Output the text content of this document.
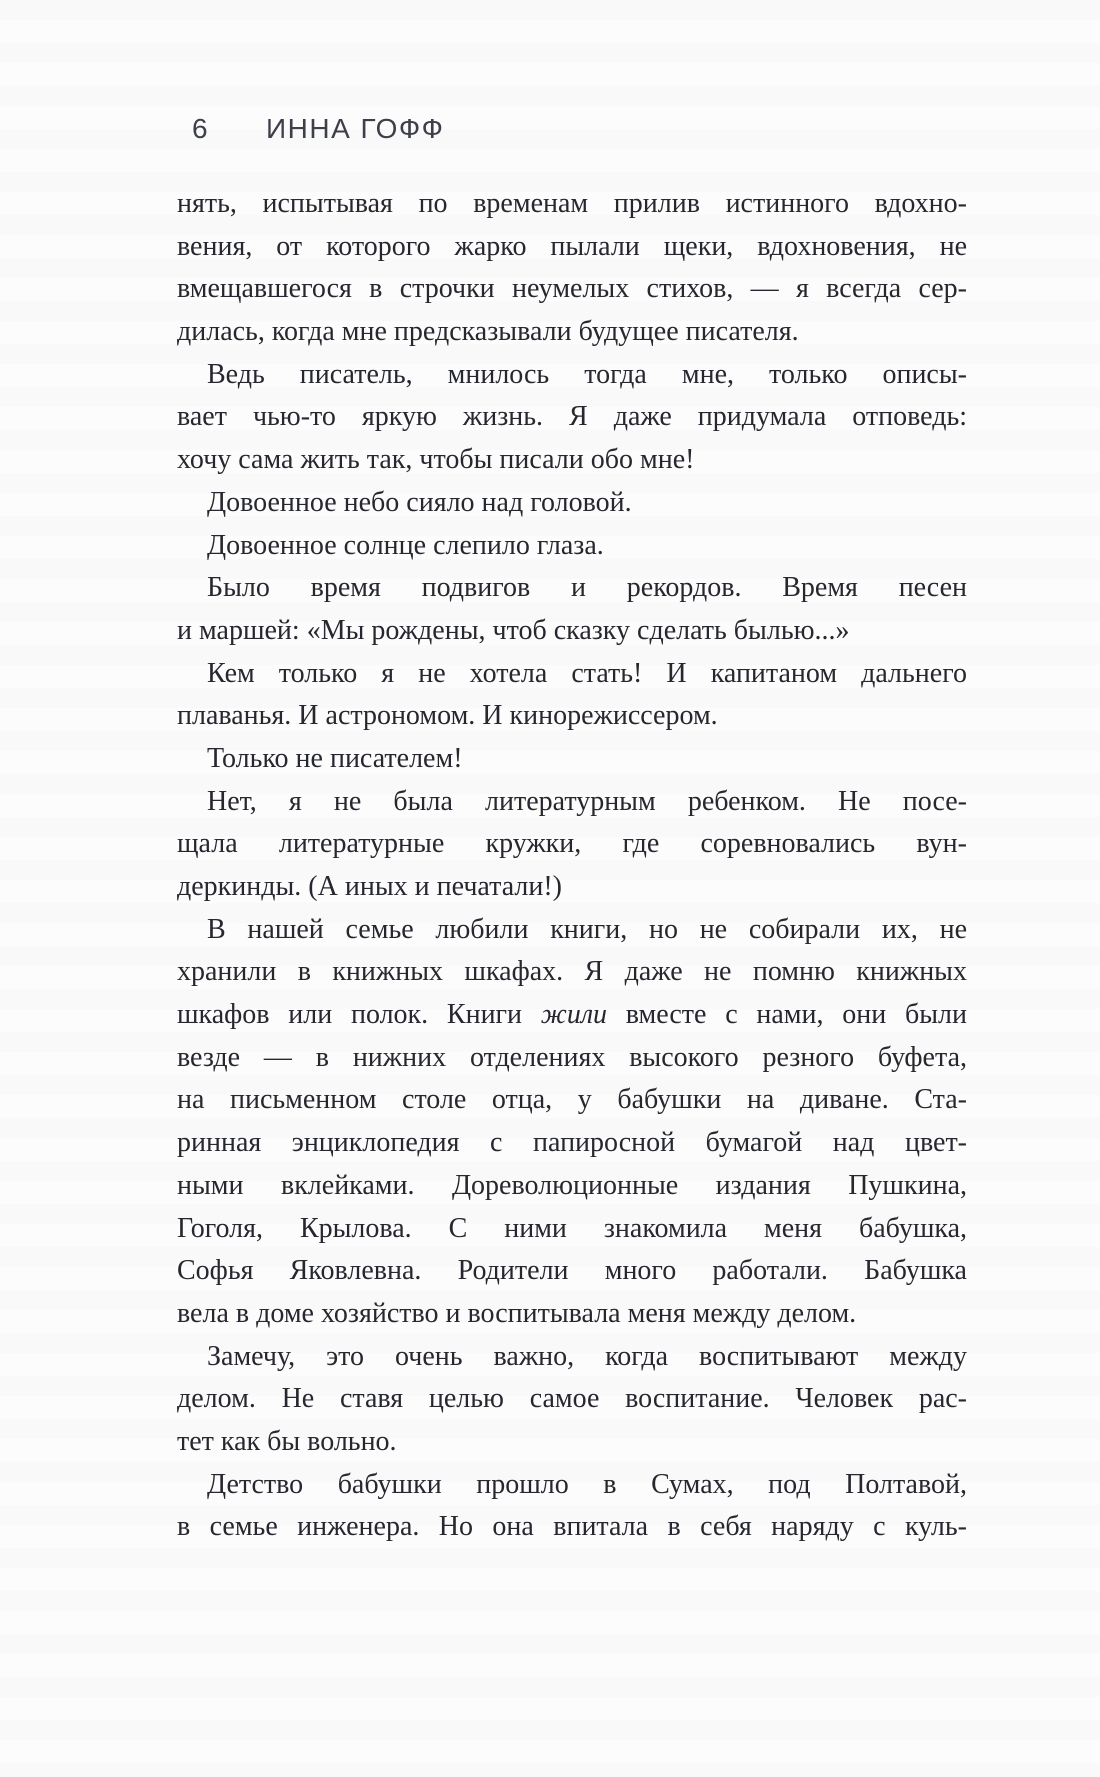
6 ИННА ГОФФ
нять, испытывая по временам прилив истинного вдохно-
вения, от которого жарко пылали щеки, вдохновения, не
вмещавшегося в строчки неумелых стихов, — я всегда сер-
дилась, когда мне предсказывали будущее писателя.
Ведь писатель, мнилось тогда мне, только описы-
вает чью-то яркую жизнь. Я даже придумала отповедь:
хочу сама жить так, чтобы писали обо мне!
Довоенное небо сияло над головой.
Довоенное солнце слепило глаза.
Было время подвигов и рекордов. Время песен
и маршей: «Мы рождены, чтоб сказку сделать былью...»
Кем только я не хотела стать! И капитаном дальнего
плаванья. И астрономом. И кинорежиссером.
Только не писателем!
Нет, я не была литературным ребенком. Не посе-
щала литературные кружки, где соревновались вун-
деркинды. (А иных и печатали!)
В нашей семье любили книги, но не собирали их, не
хранили в книжных шкафах. Я даже не помню книжных
шкафов или полок. Книги жили вместе с нами, они были
везде — в нижних отделениях высокого резного буфета,
на письменном столе отца, у бабушки на диване. Ста-
ринная энциклопедия с папиросной бумагой над цвет-
ными вклейками. Дореволюционные издания Пушкина,
Гоголя, Крылова. С ними знакомила меня бабушка,
Софья Яковлевна. Родители много работали. Бабушка
вела в доме хозяйство и воспитывала меня между делом.
Замечу, это очень важно, когда воспитывают между
делом. Не ставя целью самое воспитание. Человек рас-
тет как бы вольно.
Детство бабушки прошло в Сумах, под Полтавой,
в семье инженера. Но она впитала в себя наряду с куль-
